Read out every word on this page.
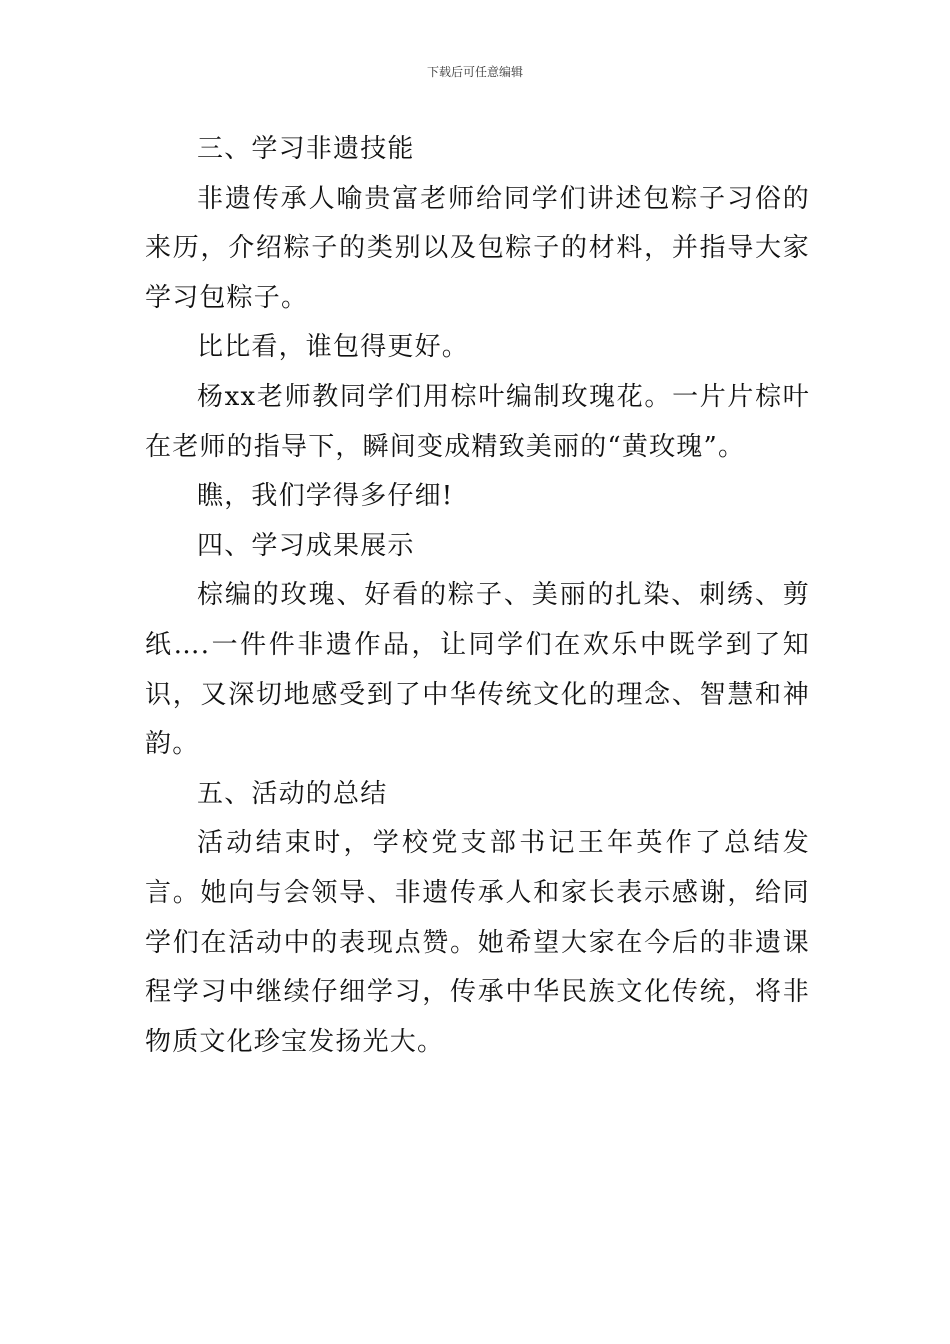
下载后可任意编辑

三、学习非遗技能

非遗传承人喻贵富老师给同学们讲述包粽子习俗的来历，介绍粽子的类别以及包粽子的材料，并指导大家学习包粽子。

比比看，谁包得更好。

杨xx老师教同学们用棕叶编制玫瑰花。一片片棕叶在老师的指导下，瞬间变成精致美丽的“黄玫瑰”。

瞧，我们学得多仔细!

四、学习成果展示

棕编的玫瑰、好看的粽子、美丽的扎染、刺绣、剪纸….一件件非遗作品，让同学们在欢乐中既学到了知识，又深切地感受到了中华传统文化的理念、智慧和神韵。

五、活动的总结

活动结束时，学校党支部书记王年英作了总结发言。她向与会领导、非遗传承人和家长表示感谢，给同学们在活动中的表现点赞。她希望大家在今后的非遗课程学习中继续仔细学习，传承中华民族文化传统，将非物质文化珍宝发扬光大。
